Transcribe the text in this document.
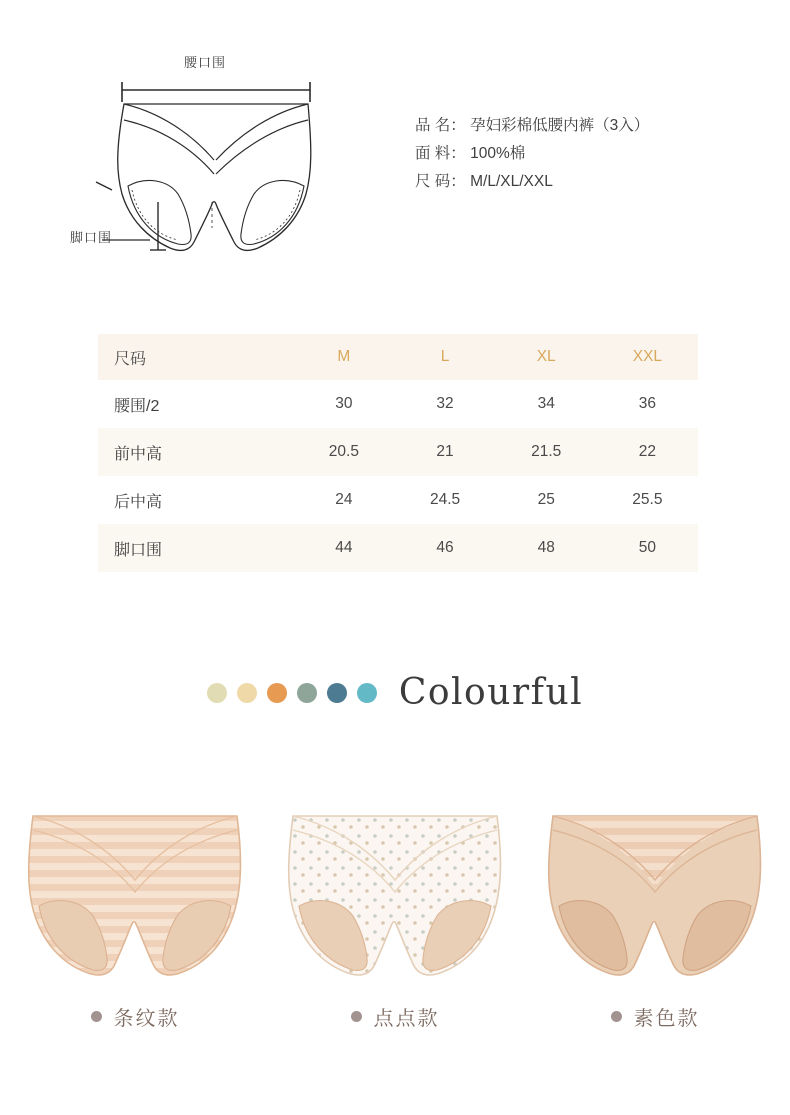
腰口围
脚口围
品 名： 孕妇彩棉低腰内裤（3入）
面 料： 100%棉
尺 码： M/L/XL/XXL
尺码	M	L	XL	XXL
腰围/2	30	32	34	36
前中高	20.5	21	21.5	22
后中高	24	24.5	25	25.5
脚口围	44	46	48	50
Colourful
条纹款	点点款	素色款
